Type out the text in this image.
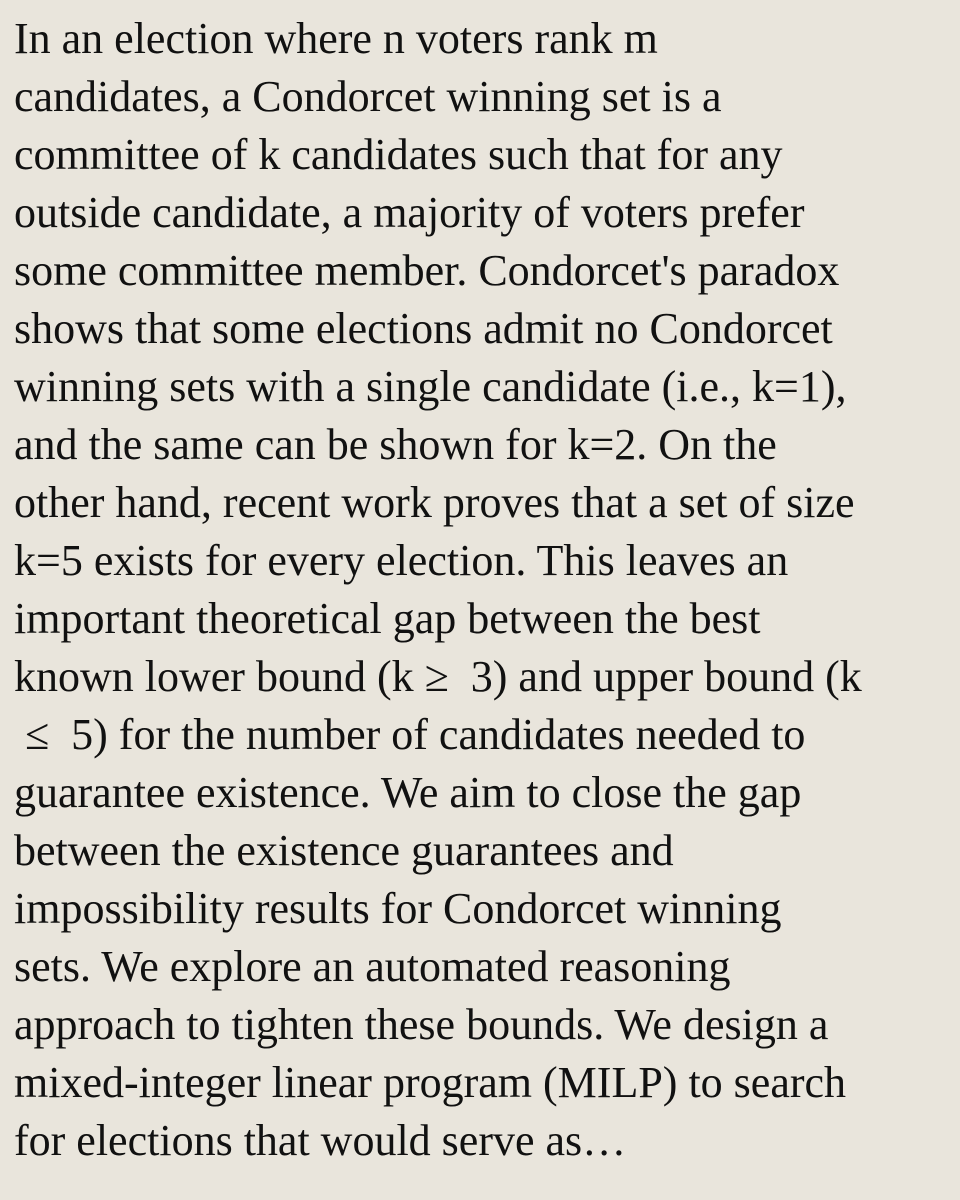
In an election where n voters rank m
candidates, a Condorcet winning set is a
committee of k candidates such that for any
outside candidate, a majority of voters prefer
some committee member. Condorcet's paradox
shows that some elections admit no Condorcet
winning sets with a single candidate (i.e., k=1),
and the same can be shown for k=2. On the
other hand, recent work proves that a set of size
k=5 exists for every election. This leaves an
important theoretical gap between the best
known lower bound (k ≥  3) and upper bound (k
≤  5) for the number of candidates needed to
guarantee existence. We aim to close the gap
between the existence guarantees and
impossibility results for Condorcet winning
sets. We explore an automated reasoning
approach to tighten these bounds. We design a
mixed-integer linear program (MILP) to search
for elections that would serve as…
